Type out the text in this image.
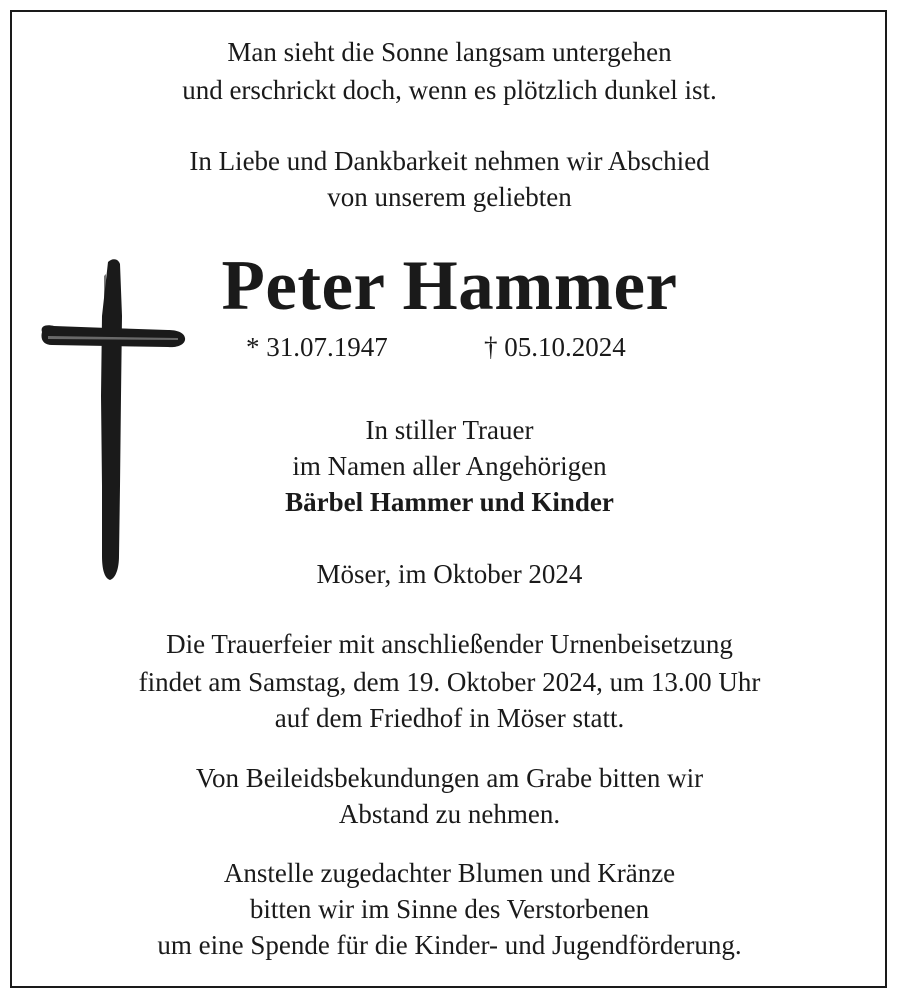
Man sieht die Sonne langsam untergehen
und erschrickt doch, wenn es plötzlich dunkel ist.
In Liebe und Dankbarkeit nehmen wir Abschied
von unserem geliebten
Peter Hammer
* 31.07.1947	† 05.10.2024
In stiller Trauer
im Namen aller Angehörigen
Bärbel Hammer und Kinder
Möser, im Oktober 2024
Die Trauerfeier mit anschließender Urnenbeisetzung
findet am Samstag, dem 19. Oktober 2024, um 13.00 Uhr
auf dem Friedhof in Möser statt.
Von Beileidsbekundungen am Grabe bitten wir
Abstand zu nehmen.
Anstelle zugedachter Blumen und Kränze
bitten wir im Sinne des Verstorbenen
um eine Spende für die Kinder- und Jugendförderung.
